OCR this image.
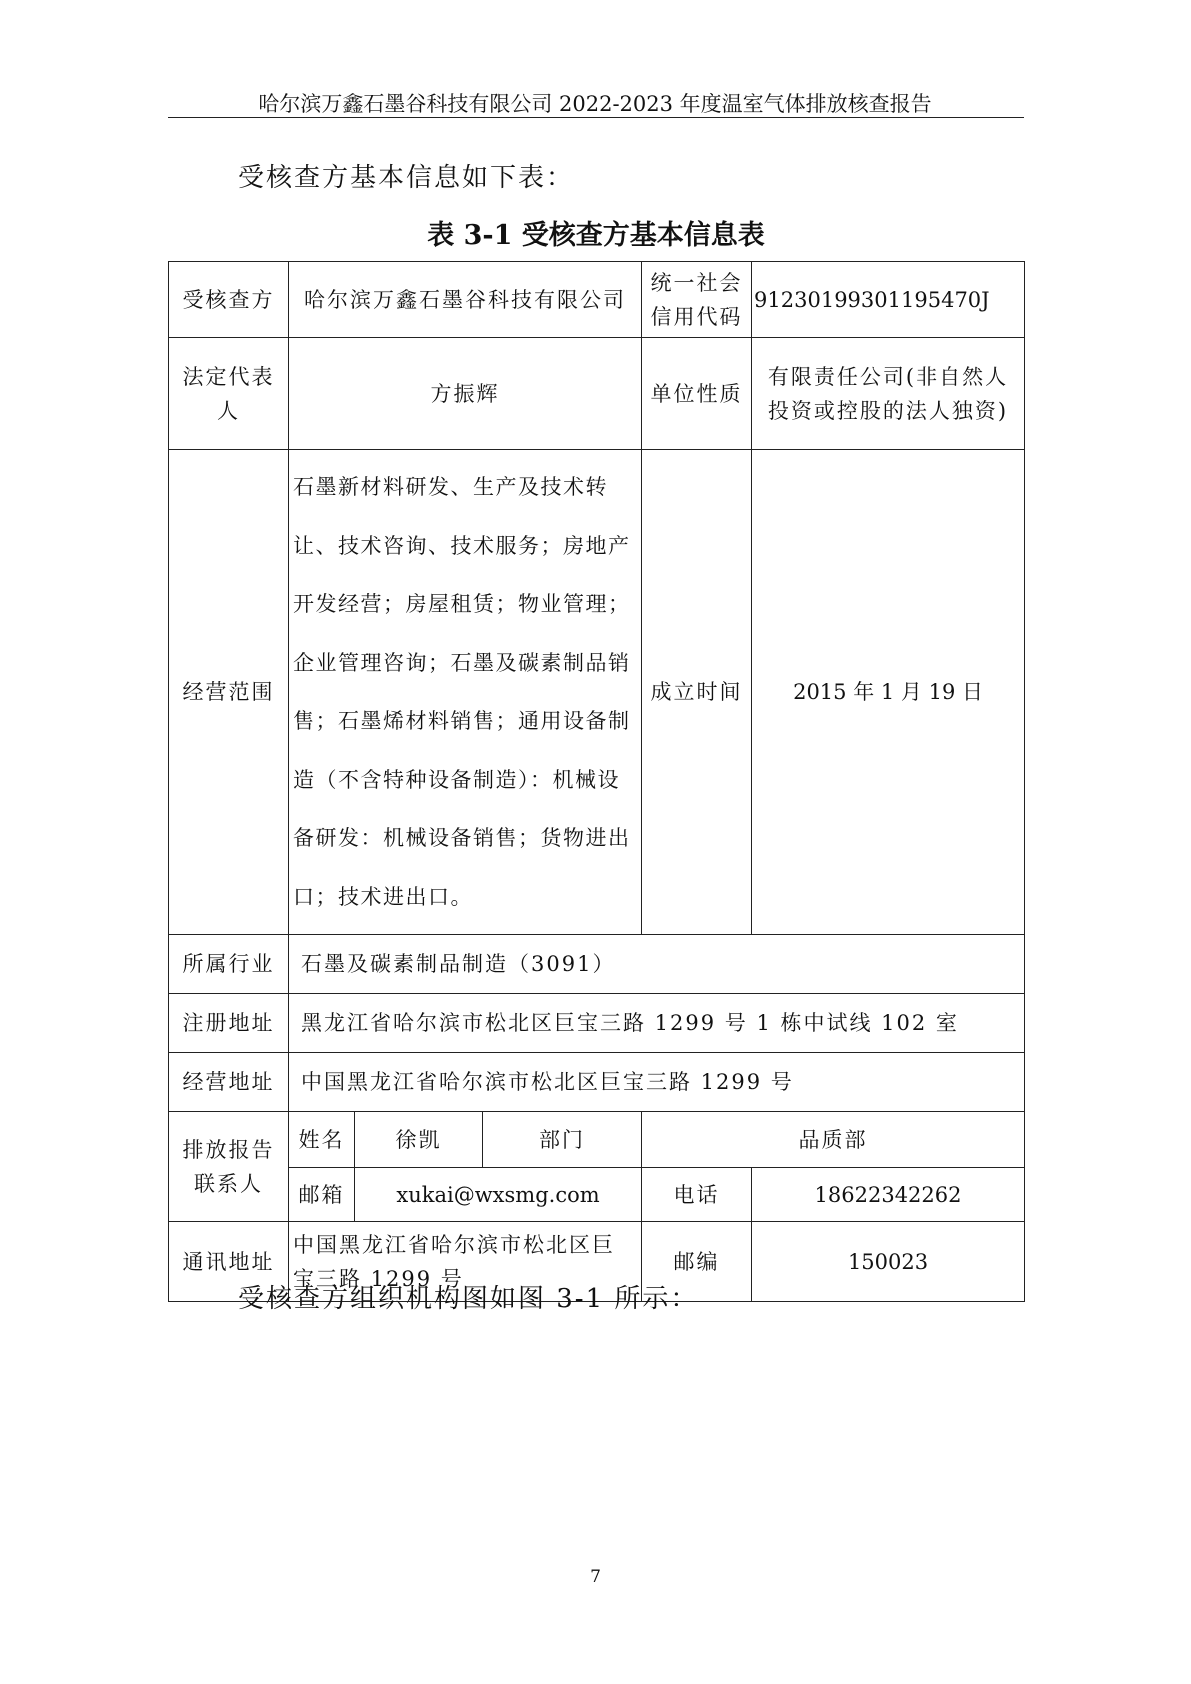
哈尔滨万鑫石墨谷科技有限公司 2022-2023 年度温室气体排放核查报告
受核查方基本信息如下表：
表 3-1 受核查方基本信息表
受核查方	哈尔滨万鑫石墨谷科技有限公司			统一社会信用代码	91230199301195470J
法定代表人	方振辉			单位性质	有限责任公司(非自然人投资或控股的法人独资)
经营范围	石墨新材料研发、生产及技术转让、技术咨询、技术服务；房地产开发经营；房屋租赁；物业管理；企业管理咨询；石墨及碳素制品销售；石墨烯材料销售；通用设备制造（不含特种设备制造）：机械设备研发：机械设备销售；货物进出口；技术进出口。			成立时间	2015 年 1 月 19 日
所属行业	石墨及碳素制品制造（3091）				
注册地址	黑龙江省哈尔滨市松北区巨宝三路 1299 号 1 栋中试线 102 室				
经营地址	中国黑龙江省哈尔滨市松北区巨宝三路 1299 号				
排放报告联系人	姓名	徐凯	部门	品质部	
	邮箱	xukai@wxsmg.com		电话	18622342262
通讯地址	中国黑龙江省哈尔滨市松北区巨宝三路 1299 号			邮编	150023
受核查方组织机构图如图 3-1 所示：
7
